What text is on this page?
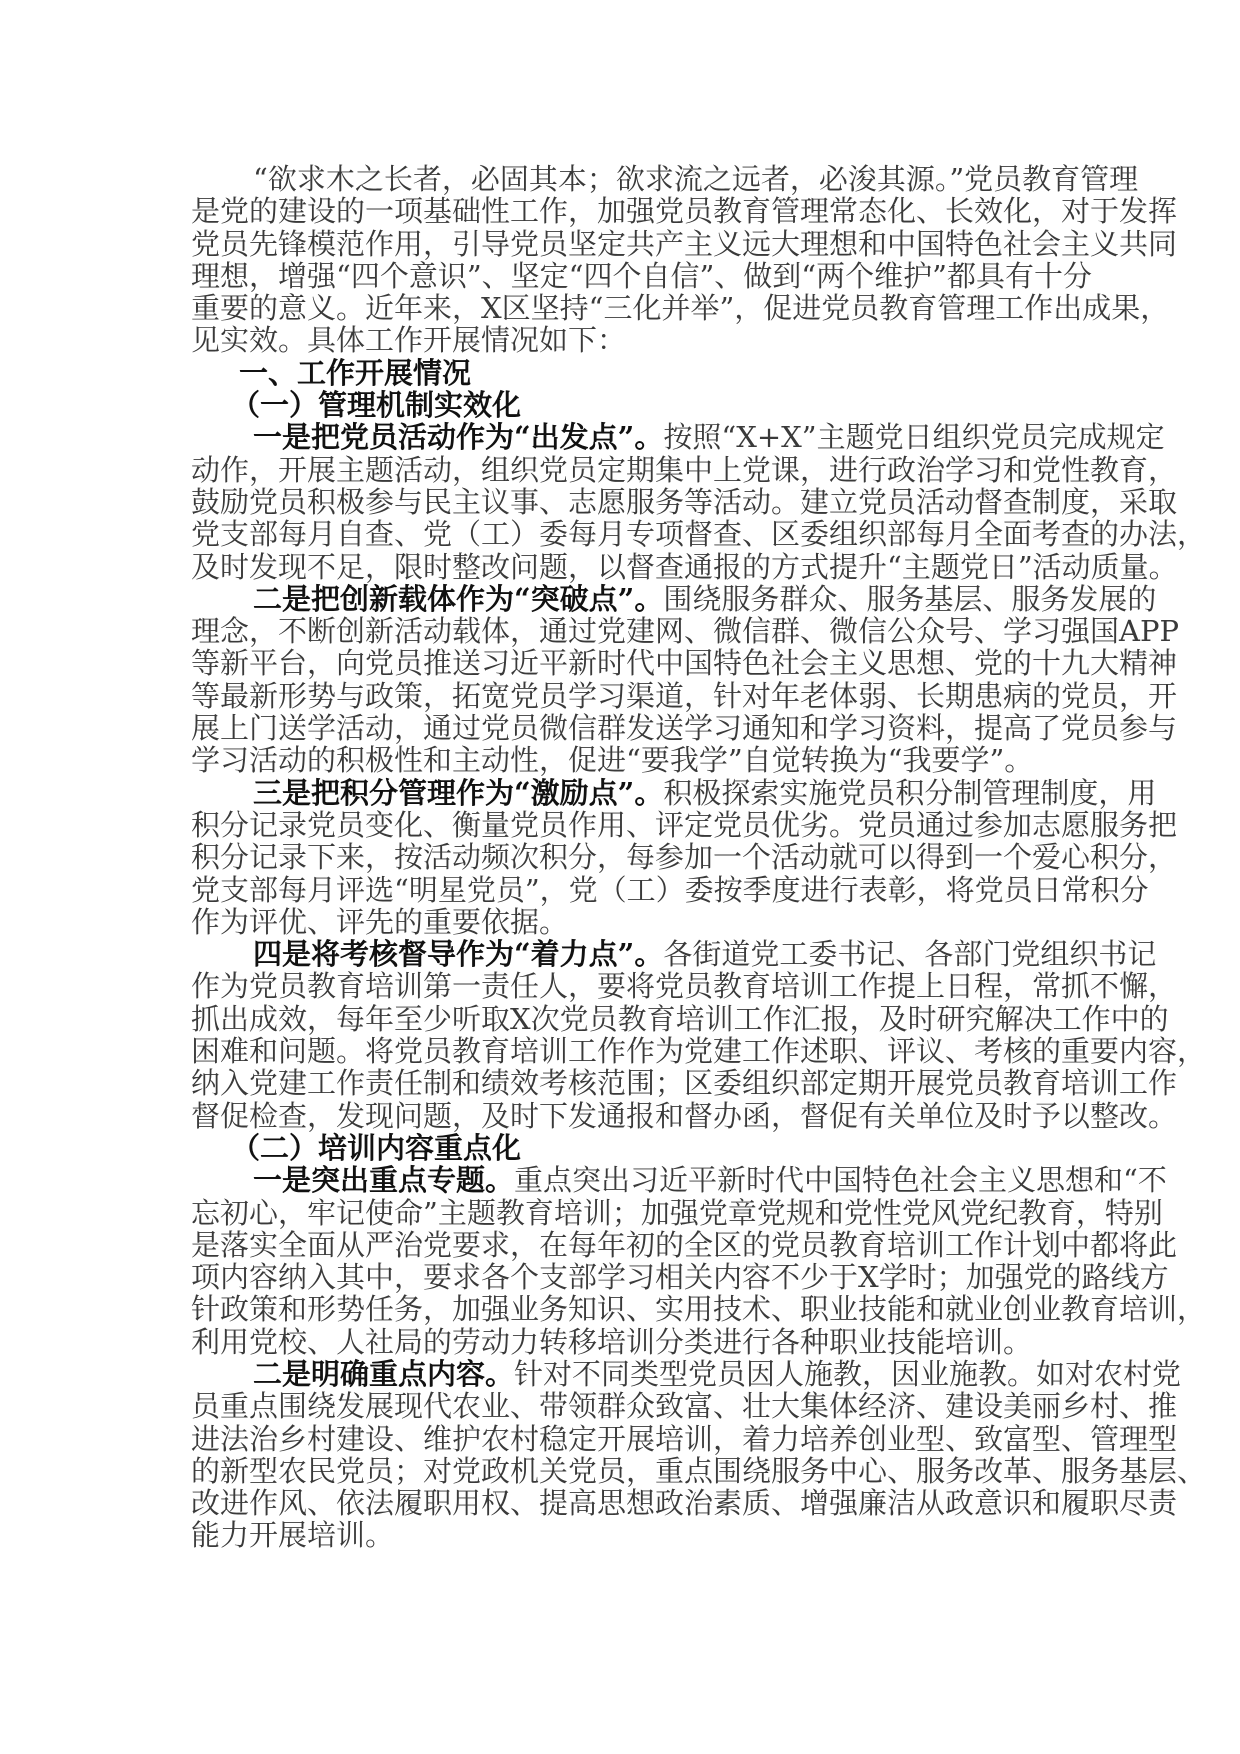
“欲求木之长者，必固其本；欲求流之远者，必浚其源。”党员教育管理
是党的建设的一项基础性工作，加强党员教育管理常态化、长效化，对于发挥
党员先锋模范作用，引导党员坚定共产主义远大理想和中国特色社会主义共同
理想，增强“四个意识”、坚定“四个自信”、做到“两个维护”都具有十分
重要的意义。近年来，X区坚持“三化并举”，促进党员教育管理工作出成果，
见实效。具体工作开展情况如下：
一、工作开展情况
（一）管理机制实效化
一是把党员活动作为“出发点”。按照“X+X”主题党日组织党员完成规定
动作，开展主题活动，组织党员定期集中上党课，进行政治学习和党性教育，
鼓励党员积极参与民主议事、志愿服务等活动。建立党员活动督查制度，采取
党支部每月自查、党（工）委每月专项督查、区委组织部每月全面考查的办法，
及时发现不足，限时整改问题，以督查通报的方式提升“主题党日”活动质量。
二是把创新载体作为“突破点”。围绕服务群众、服务基层、服务发展的
理念，不断创新活动载体，通过党建网、微信群、微信公众号、学习强国APP
等新平台，向党员推送习近平新时代中国特色社会主义思想、党的十九大精神
等最新形势与政策，拓宽党员学习渠道，针对年老体弱、长期患病的党员，开
展上门送学活动，通过党员微信群发送学习通知和学习资料，提高了党员参与
学习活动的积极性和主动性，促进“要我学”自觉转换为“我要学”。
三是把积分管理作为“激励点”。积极探索实施党员积分制管理制度，用
积分记录党员变化、衡量党员作用、评定党员优劣。党员通过参加志愿服务把
积分记录下来，按活动频次积分，每参加一个活动就可以得到一个爱心积分，
党支部每月评选“明星党员”，党（工）委按季度进行表彰，将党员日常积分
作为评优、评先的重要依据。
四是将考核督导作为“着力点”。各街道党工委书记、各部门党组织书记
作为党员教育培训第一责任人，要将党员教育培训工作提上日程，常抓不懈，
抓出成效，每年至少听取X次党员教育培训工作汇报，及时研究解决工作中的
困难和问题。将党员教育培训工作作为党建工作述职、评议、考核的重要内容，
纳入党建工作责任制和绩效考核范围；区委组织部定期开展党员教育培训工作
督促检查，发现问题，及时下发通报和督办函，督促有关单位及时予以整改。
（二）培训内容重点化
一是突出重点专题。重点突出习近平新时代中国特色社会主义思想和“不
忘初心，牢记使命”主题教育培训；加强党章党规和党性党风党纪教育，特别
是落实全面从严治党要求，在每年初的全区的党员教育培训工作计划中都将此
项内容纳入其中，要求各个支部学习相关内容不少于X学时；加强党的路线方
针政策和形势任务，加强业务知识、实用技术、职业技能和就业创业教育培训，
利用党校、人社局的劳动力转移培训分类进行各种职业技能培训。
二是明确重点内容。针对不同类型党员因人施教，因业施教。如对农村党
员重点围绕发展现代农业、带领群众致富、壮大集体经济、建设美丽乡村、推
进法治乡村建设、维护农村稳定开展培训，着力培养创业型、致富型、管理型
的新型农民党员；对党政机关党员，重点围绕服务中心、服务改革、服务基层、
改进作风、依法履职用权、提高思想政治素质、增强廉洁从政意识和履职尽责
能力开展培训。
